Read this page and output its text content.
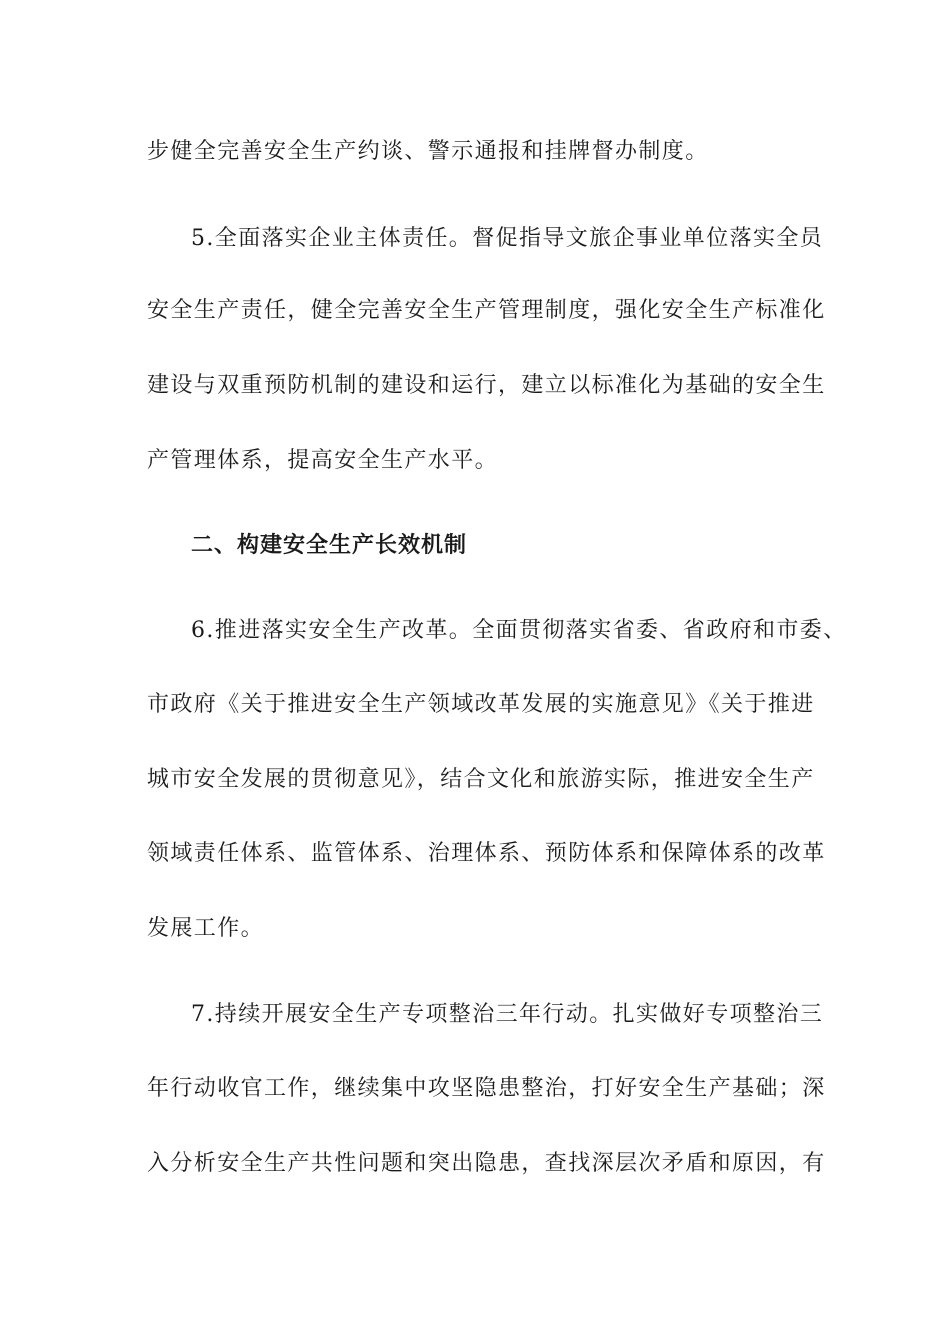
步健全完善安全生产约谈、警示通报和挂牌督办制度。
5.全面落实企业主体责任。督促指导文旅企事业单位落实全员
安全生产责任，健全完善安全生产管理制度，强化安全生产标准化
建设与双重预防机制的建设和运行，建立以标准化为基础的安全生
产管理体系，提高安全生产水平。
二、构建安全生产长效机制
6.推进落实安全生产改革。全面贯彻落实省委、省政府和市委、
市政府《关于推进安全生产领域改革发展的实施意见》《关于推进
城市安全发展的贯彻意见》，结合文化和旅游实际，推进安全生产
领域责任体系、监管体系、治理体系、预防体系和保障体系的改革
发展工作。
7.持续开展安全生产专项整治三年行动。扎实做好专项整治三
年行动收官工作，继续集中攻坚隐患整治，打好安全生产基础；深
入分析安全生产共性问题和突出隐患，查找深层次矛盾和原因，有
